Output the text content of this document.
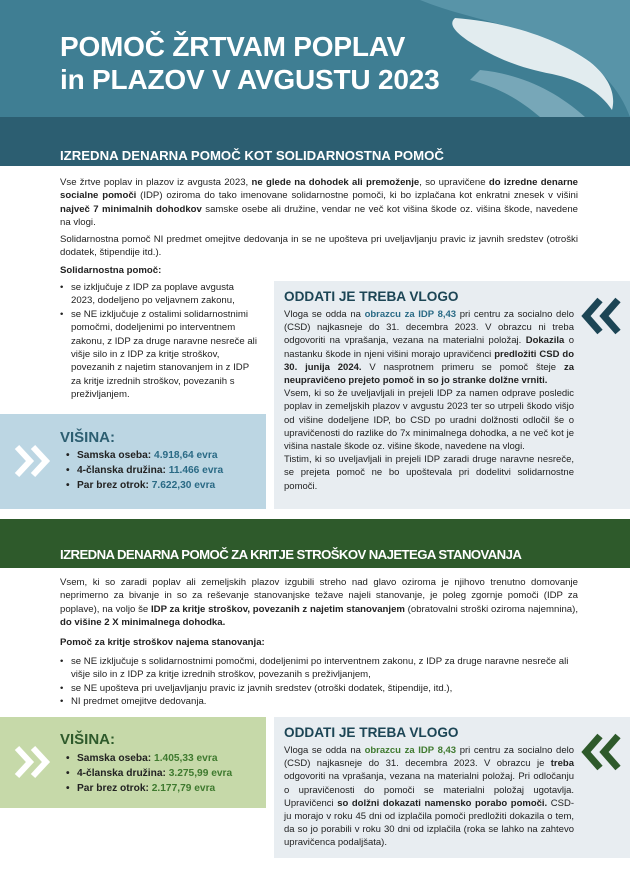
POMOČ ŽRTVAM POPLAV
in PLAZOV V AVGUSTU 2023
IZREDNA DENARNA POMOČ KOT SOLIDARNOSTNA POMOČ
Vse žrtve poplav in plazov iz avgusta 2023, ne glede na dohodek ali premoženje, so upravičene do izredne denarne socialne pomoči (IDP) oziroma do tako imenovane solidarnostne pomoči, ki bo izplačana kot enkratni znesek v višini največ 7 minimalnih dohodkov samske osebe ali družine, vendar ne več kot višina škode oz. višina škode, navedene na vlogi.
Solidarnostna pomoč NI predmet omejitve dedovanja in se ne upošteva pri uveljavljanju pravic iz javnih sredstev (otroški dodatek, štipendije itd.).
Solidarnostna pomoč:
• se izključuje z IDP za poplave avgusta 2023, dodeljeno po veljavnem zakonu,
• se NE izključuje z ostalimi solidarnostnimi pomočmi, dodeljenimi po interventnem zakonu, z IDP za druge naravne nesreče ali višje silo in z IDP za kritje stroškov, povezanih z najetim stanovanjem in z IDP za kritje izrednih stroškov, povezanih s preživljanjem.
VIŠINA:
• Samska oseba: 4.918,64 evra
• 4-članska družina: 11.466 evra
• Par brez otrok: 7.622,30 evra
ODDATI JE TREBA VLOGO
Vloga se odda na obrazcu za IDP 8,43 pri centru za socialno delo (CSD) najkasneje do 31. decembra 2023. V obrazcu ni treba odgovoriti na vprašanja, vezana na materialni položaj. Dokazila o nastanku škode in njeni višini morajo upravičenci predložiti CSD do 30. junija 2024. V nasprotnem primeru se pomoč šteje za neupravičeno prejeto pomoč in so jo stranke dolžne vrniti.
Vsem, ki so že uveljavljali in prejeli IDP za namen odprave posledic poplav in zemeljskih plazov v avgustu 2023 ter so utrpeli škodo višjo od višine dodeljene IDP, bo CSD po uradni dolžnosti odločil še o upravičenosti do razlike do 7x minimalnega dohodka, a ne več kot je višina nastale škode oz. višine škode, navedene na vlogi.
Tistim, ki so uveljavljali in prejeli IDP zaradi druge naravne nesreče, se prejeta pomoč ne bo upoštevala pri dodelitvi solidarnostne pomoči.
IZREDNA DENARNA POMOČ ZA KRITJE STROŠKOV NAJETEGA STANOVANJA
Vsem, ki so zaradi poplav ali zemeljskih plazov izgubili streho nad glavo oziroma je njihovo trenutno domovanje neprimerno za bivanje in so za reševanje stanovanjske težave najeli stanovanje, je poleg zgornje pomoči (IDP za poplave), na voljo še IDP za kritje stroškov, povezanih z najetim stanovanjem (obratovalni stroški oziroma najemnina), do višine 2 X minimalnega dohodka.
Pomoč za kritje stroškov najema stanovanja:
• se NE izključuje s solidarnostnimi pomočmi, dodeljenimi po interventnem zakonu, z IDP za druge naravne nesreče ali višje silo in z IDP za kritje izrednih stroškov, povezanih s preživljanjem,
• se NE upošteva pri uveljavljanju pravic iz javnih sredstev (otroški dodatek, štipendije, itd.),
• NI predmet omejitve dedovanja.
VIŠINA:
• Samska oseba: 1.405,33 evra
• 4-članska družina: 3.275,99 evra
• Par brez otrok: 2.177,79 evra
ODDATI JE TREBA VLOGO
Vloga se odda na obrazcu za IDP 8,43 pri centru za socialno delo (CSD) najkasneje do 31. decembra 2023. V obrazcu je treba odgovoriti na vprašanja, vezana na materialni položaj. Pri odločanju o upravičenosti do pomoči se materialni položaj ugotavlja. Upravičenci so dolžni dokazati namensko porabo pomoči. CSD-ju morajo v roku 45 dni od izplačila pomoči predložiti dokazila o tem, da so jo porabili v roku 30 dni od izplačila (roka se lahko na zahtevo upravičenca podaljšata).
